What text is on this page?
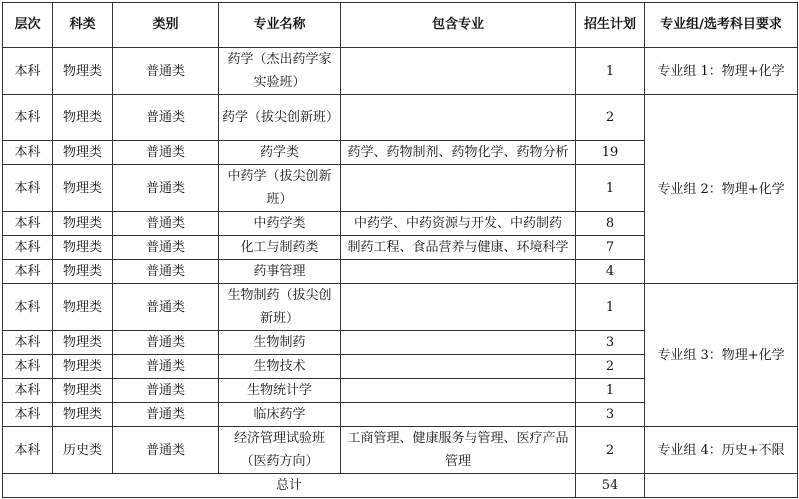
层次	科类	类别	专业名称	包含专业	招生计划	专业组/选考科目要求
本科	物理类	普通类	药学（杰出药学家实验班）		1	专业组 1：物理+化学
本科	物理类	普通类	药学（拔尖创新班）		2	专业组 2：物理+化学
本科	物理类	普通类	药学类	药学、药物制剂、药物化学、药物分析	19	
本科	物理类	普通类	中药学（拔尖创新班）		1	
本科	物理类	普通类	中药学类	中药学、中药资源与开发、中药制药	8	
本科	物理类	普通类	化工与制药类	制药工程、食品营养与健康、环境科学	7	
本科	物理类	普通类	药事管理		4	
本科	物理类	普通类	生物制药（拔尖创新班）		1	专业组 3：物理+化学
本科	物理类	普通类	生物制药		3	
本科	物理类	普通类	生物技术		2	
本科	物理类	普通类	生物统计学		1	
本科	物理类	普通类	临床药学		3	
本科	历史类	普通类	经济管理试验班（医药方向）	工商管理、健康服务与管理、医疗产品管理	2	专业组 4：历史+不限
总计					54	
